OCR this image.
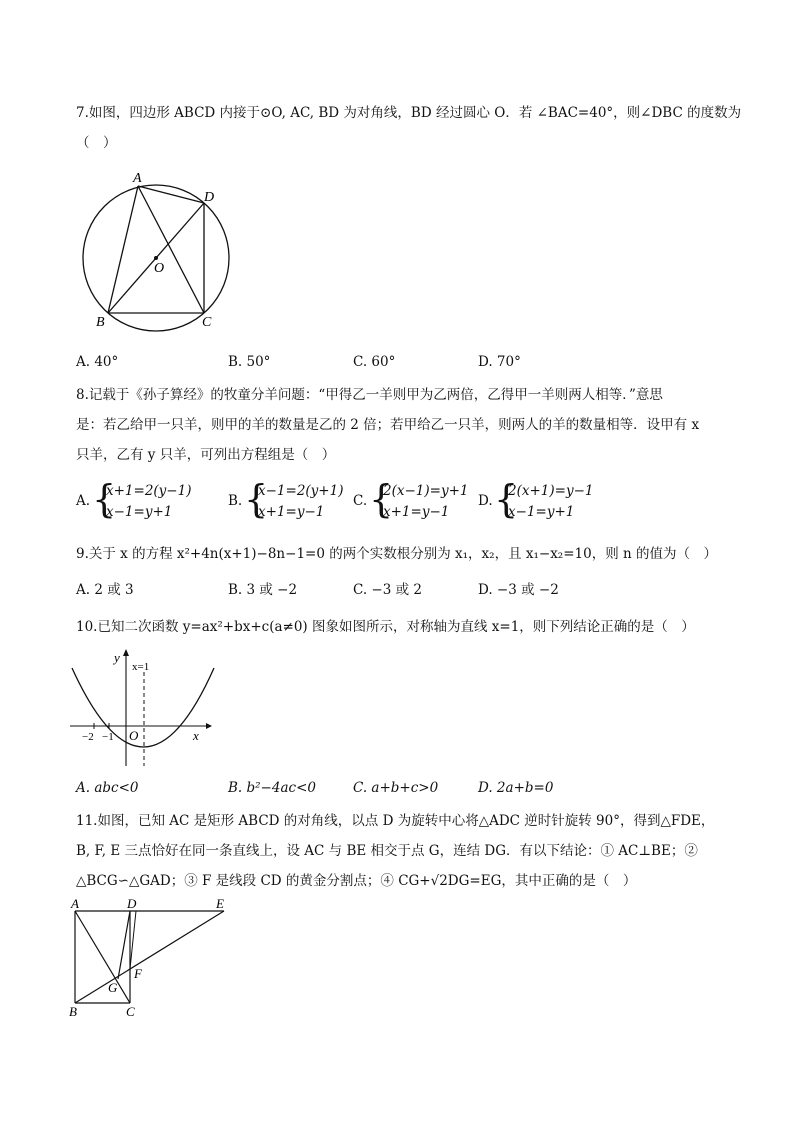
7.如图，四边形 ABCD 内接于⊙O, AC, BD 为对角线，BD 经过圆心 O．若 ∠BAC=40°，则∠DBC 的度数为
（　）
A
D
O
B	C
A. 40°	B. 50°	C. 60°	D. 70°
8.记载于《孙子算经》的牧童分羊问题：“甲得乙一羊则甲为乙两倍，乙得甲一羊则两人相等．”意思
是：若乙给甲一只羊，则甲的羊的数量是乙的 2 倍；若甲给乙一只羊，则两人的羊的数量相等．设甲有 x
只羊，乙有 y 只羊，可列出方程组是（　）
A. {
x+1=2(y−1)
x−1=y+1
B. {
x−1=2(y+1)
x+1=y−1
C. {
2(x−1)=y+1
x+1=y−1
D. {
2(x+1)=y−1
x−1=y+1
9.关于 x 的方程 x²+4n(x+1)−8n−1=0 的两个实数根分别为 x₁，x₂，且 x₁−x₂=10，则 n 的值为（　）
A. 2 或 3	B. 3 或 −2	C. −3 或 2	D. −3 或 −2
10.已知二次函数 y=ax²+bx+c(a≠0) 图象如图所示，对称轴为直线 x=1，则下列结论正确的是（　）
y
x=1
O
−2 −1	x
A. abc<0	B. b²−4ac<0	C. a+b+c>0	D. 2a+b=0
11.如图，已知 AC 是矩形 ABCD 的对角线，以点 D 为旋转中心将△ADC 逆时针旋转 90°，得到△FDE，
B, F, E 三点恰好在同一条直线上，设 AC 与 BE 相交于点 G，连结 DG．有以下结论：① AC⊥BE；②
△BCG∽△GAD；③ F 是线段 CD 的黄金分割点；④ CG+√2DG=EG，其中正确的是（　）
A	D	E
F
G
B	C
